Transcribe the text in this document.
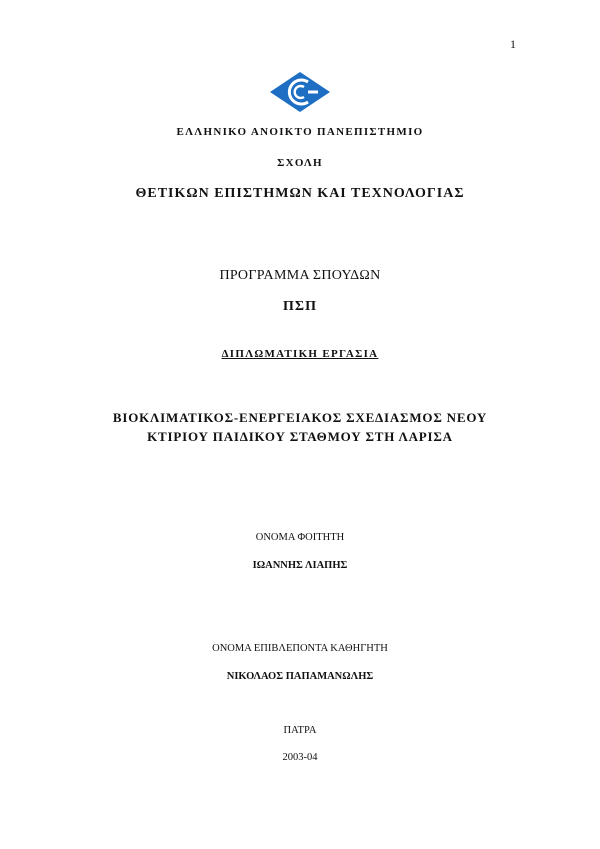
1
ΕΛΛΗΝΙΚΟ ΑΝΟΙΚΤΟ ΠΑΝΕΠΙΣΤΗΜΙΟ
ΣΧΟΛΗ
ΘΕΤΙΚΩΝ ΕΠΙΣΤΗΜΩΝ ΚΑΙ ΤΕΧΝΟΛΟΓΙΑΣ
ΠΡΟΓΡΑΜΜΑ ΣΠΟΥΔΩΝ
ΠΣΠ
ΔΙΠΛΩΜΑΤΙΚΗ ΕΡΓΑΣΙΑ
ΒΙΟΚΛΙΜΑΤΙΚΟΣ-ΕΝΕΡΓΕΙΑΚΟΣ ΣΧΕΔΙΑΣΜΟΣ ΝΕΟΥ
ΚΤΙΡΙΟΥ ΠΑΙΔΙΚΟΥ ΣΤΑΘΜΟΥ ΣΤΗ ΛΑΡΙΣΑ
ΟΝΟΜΑ ΦΟΙΤΗΤΗ
ΙΩΑΝΝΗΣ ΛΙΑΠΗΣ
ΟΝΟΜΑ ΕΠΙΒΛΕΠΟΝΤΑ ΚΑΘΗΓΗΤΗ
ΝΙΚΟΛΑΟΣ ΠΑΠΑΜΑΝΩΛΗΣ
ΠΑΤΡΑ
2003-04
